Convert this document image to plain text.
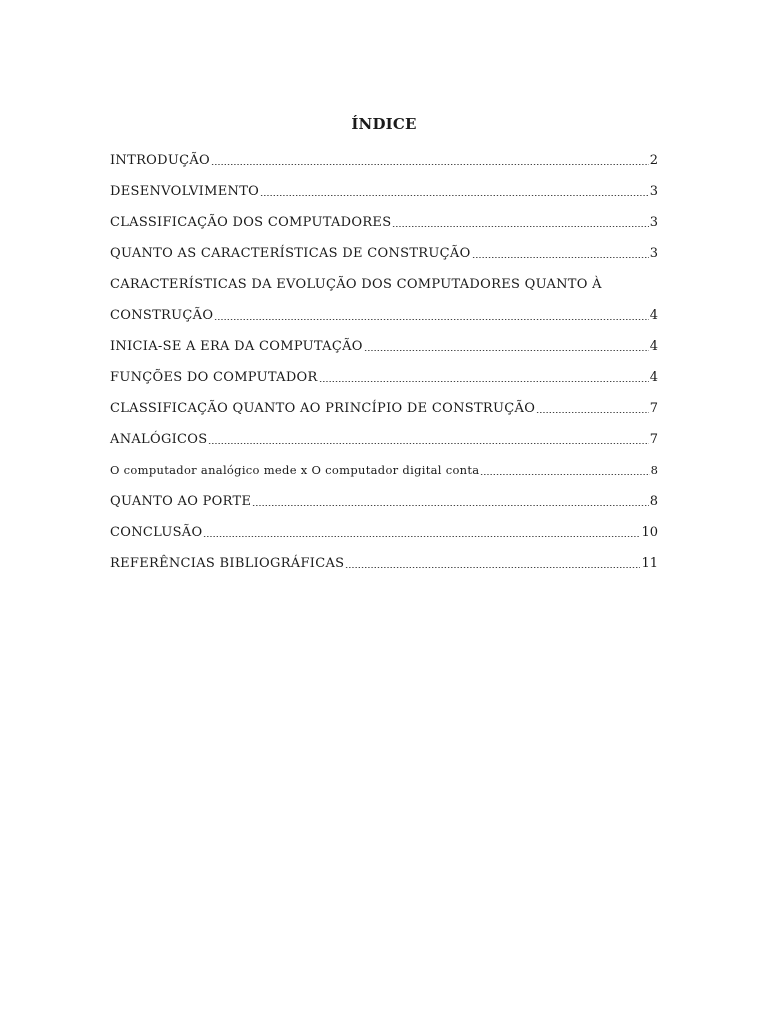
ÍNDICE
INTRODUÇÃO	2
DESENVOLVIMENTO	3
CLASSIFICAÇÃO DOS COMPUTADORES	3
QUANTO AS CARACTERÍSTICAS DE CONSTRUÇÃO	3
CARACTERÍSTICAS DA EVOLUÇÃO DOS COMPUTADORES QUANTO À
CONSTRUÇÃO	4
INICIA-SE A ERA DA COMPUTAÇÃO	4
FUNÇÕES DO COMPUTADOR	4
CLASSIFICAÇÃO QUANTO AO PRINCÍPIO DE CONSTRUÇÃO	7
ANALÓGICOS	7
O computador analógico mede x O computador digital conta	8
QUANTO AO PORTE	8
CONCLUSÃO	10
REFERÊNCIAS BIBLIOGRÁFICAS	11
